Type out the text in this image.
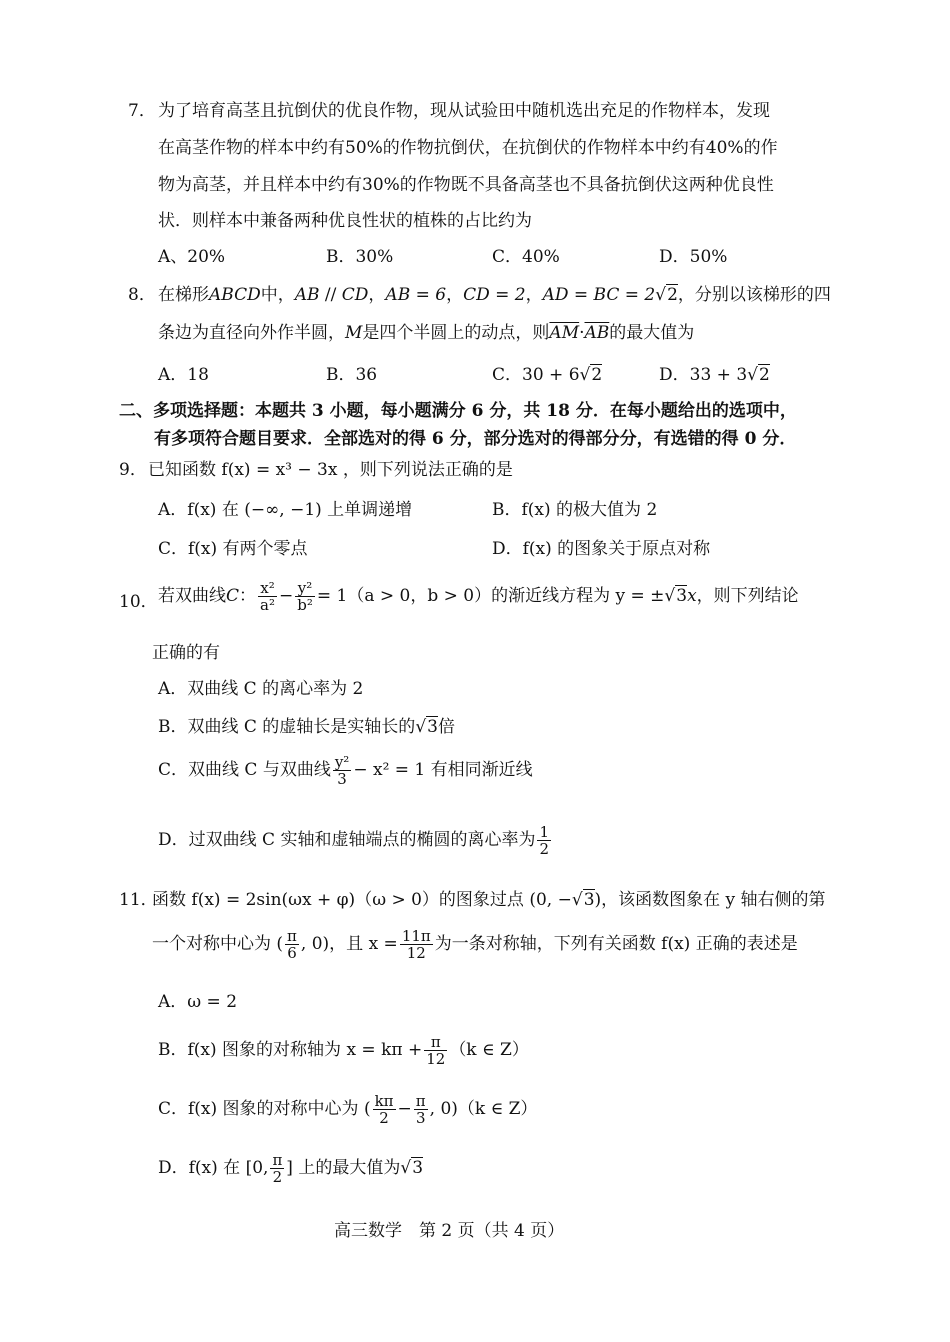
7． 为了培育高茎且抗倒伏的优良作物，现从试验田中随机选出充足的作物样本，发现
在高茎作物的样本中约有50%的作物抗倒伏，在抗倒伏的作物样本中约有40%的作
物为高茎，并且样本中约有30%的作物既不具备高茎也不具备抗倒伏这两种优良性
状．则样本中兼备两种优良性状的植株的占比约为
A、20%	B．30%	C．40%	D．50%
8． 在梯形ABCD中，AB // CD，AB = 6，CD = 2，AD = BC = 2√2，分别以该梯形的四
条边为直径向外作半圆，M是四个半圆上的动点，则$\overline{AM}\cdot\overline{AB}$的最大值为
A．18	B．36	C．30 + 6√2	D．33 + 3√2
二、多项选择题：本题共 3 小题，每小题满分 6 分，共 18 分．在每小题给出的选项中，
有多项符合题目要求．全部选对的得 6 分，部分选对的得部分分，有选错的得 0 分．
9． 已知函数 f(x) = x³ − 3x ，则下列说法正确的是
A．f(x) 在 (−∞, −1) 上单调递增	B．f(x) 的极大值为 2
C．f(x) 有两个零点	D．f(x) 的图象关于原点对称
10． 若双曲线C： $\frac{\text{x²}}{\text{a²}} - \frac{\text{y²}}{\text{b²}} = 1(a > 0$，b > 0）的渐近线方程为 y = ±√3x，则下列结论
正确的有
A．双曲线 C 的离心率为 2
B．双曲线 C 的虚轴长是实轴长的√3倍
C．双曲线 C 与双曲线 $\frac{\text{y²}}{3} - x^2 = 1$ 有相同渐近线
D．过双曲线 C 实轴和虚轴端点的椭圆的离心率为 $\frac{1}{2}$
11．
函数 f(x) = 2sin(ωx + φ)（ω > 0）的图象过点 (0, −√3)，该函数图象在 y 轴右侧的第
一个对称中心为 ( $\frac{\pi}{6}$ , 0)，且 $x = \frac{11\pi}{12}$ 为一条对称轴，下列有关函数 f(x) 正确的表述是
A．ω = 2
B．f(x) 图象的对称轴为 $x = k\pi + \frac{\pi}{12} (k$ ∈ Z）
C．f(x) 图象的对称中心为 ( $\frac{k\pi}{2} - \frac{\pi}{3}$ , 0)（k ∈ Z）
D．f(x) 在 [0, $\frac{\pi}{2}$ ] 上的最大值为√3
高三数学　第 2 页（共 4 页）
